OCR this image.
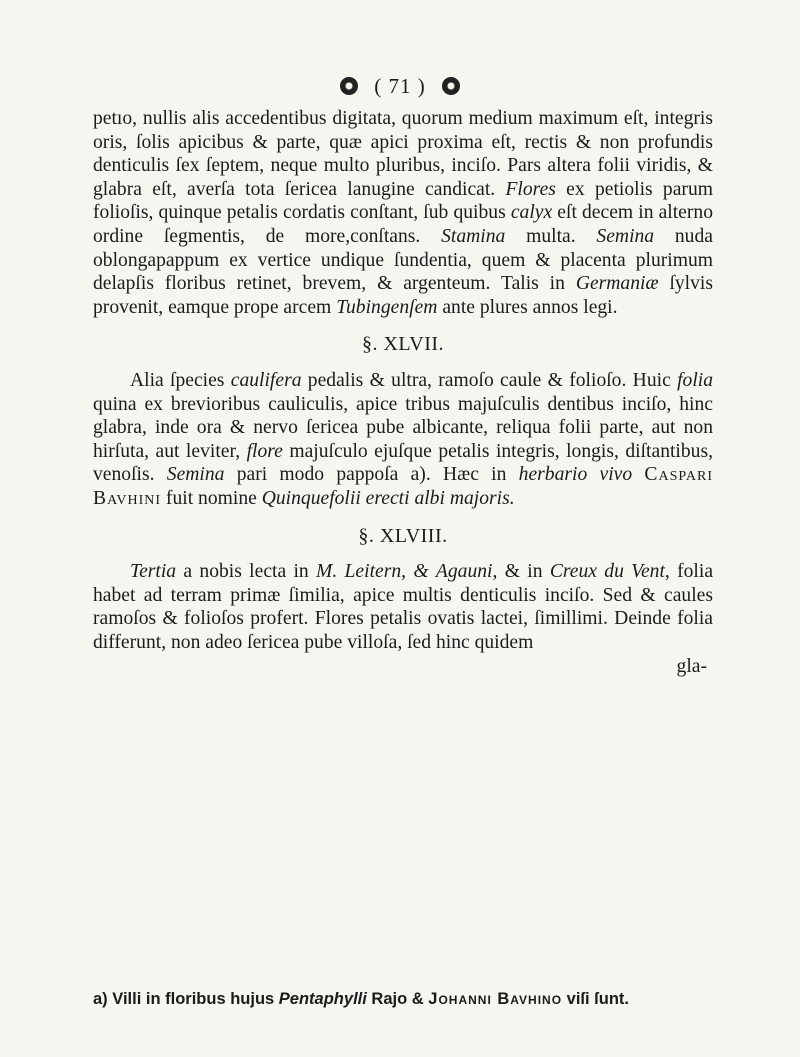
( 71 )

petıo, nullis alis accedentibus digitata, quorum medium maximum eſt, integris oris, ſolis apicibus & parte, quæ apici proxima eſt, rectis & non profundis denticulis ſex ſeptem, neque multo pluribus, inciſo. Pars altera folii viridis, & glabra eſt, averſa tota ſericea lanugine candicat. Flores ex petiolis parum folioſis, quinque petalis cordatis conſtant, ſub quibus calyx eſt decem in alterno ordine ſegmentis, de more,conſtans. Stamina multa. Semina nuda oblongapappum ex vertice undique ſundentia, quem & placenta plurimum delapſis floribus retinet, brevem, & argenteum. Talis in Germaniæ ſylvis provenit, eamque prope arcem Tubingenſem ante plures annos legi.

§. XLVII.

Alia ſpecies caulifera pedalis & ultra, ramoſo caule & folioſo. Huic folia quina ex brevioribus cauliculis, apice tribus majuſculis dentibus inciſo, hinc glabra, inde ora & nervo ſericea pube albicante, reliqua folii parte, aut non hirſuta, aut leviter, flore majuſculo ejuſque petalis integris, longis, diſtantibus, venoſis. Semina pari modo pappoſa a). Hæc in herbario vivo Caspari Bavhini fuit nomine Quinquefolii erecti albi majoris.

§. XLVIII.

Tertia a nobis lecta in M. Leitern, & Agauni, & in Creux du Vent, folia habet ad terram primæ ſimilia, apice multis denticulis inciſo. Sed & caules ramoſos & folioſos profert. Flores petalis ovatis lactei, ſimillimi. Deinde folia differunt, non adeo ſericea pube villoſa, ſed hinc quidem

gla-
a) Villi in floribus hujus Pentaphylli Rajo & Johanni Bavhino viſi ſunt.
